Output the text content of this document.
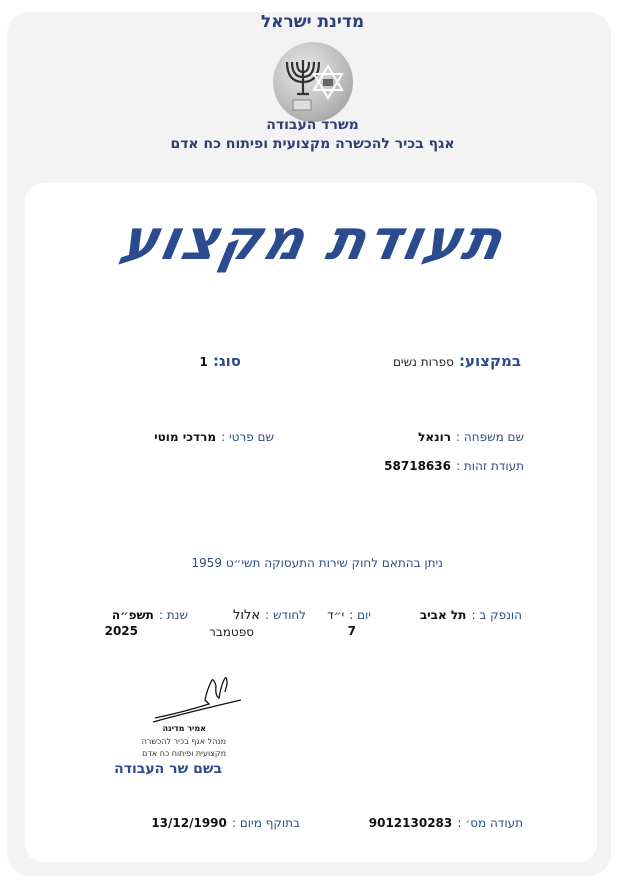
מדינת ישראל
משרד העבודה
אגף בכיר להכשרה מקצועית ופיתוח כח אדם
תעודת מקצוע
במקצוע: ספרות נשים
סוג: 1
שם משפחה : רונאל
שם פרטי : מרדכי מוטי
תעודת זהות : 58718636
ניתן בהתאם לחוק שירות התעסוקה תשי״ט 1959
הונפק ב : תל אביב
יום : י״ד
7
לחודש : אלול
ספטמבר
שנת : תשפ״ה
2025
אמיר מדינה
מנהל אגף בכיר להכשרה
מקצועית ופיתוח כח אדם
בשם שר העבודה
תעודה מס׳ : 9012130283
בתוקף מיום : 13/12/1990
